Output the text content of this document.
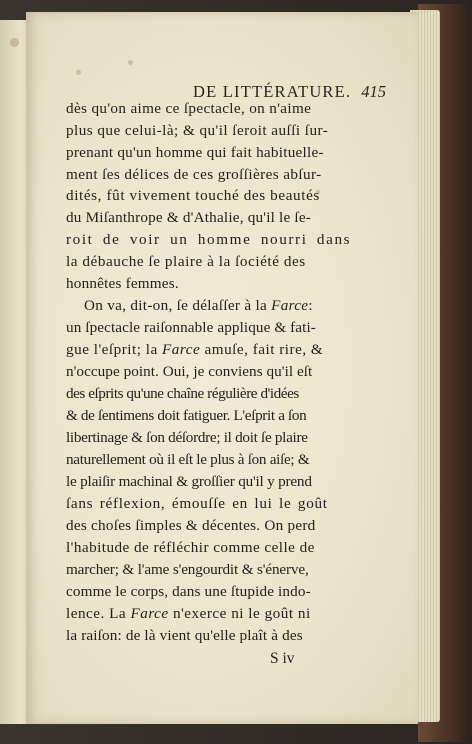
DE LITTÉRATURE. 415
dès qu'on aime ce ſpectacle, on n'aime
plus que celui-là; & qu'il ſeroit auſſi ſur-
prenant qu'un homme qui fait habituelle-
ment ſes délices de ces groſſières abſur-
dités, fût vivement touché des beautés
du Miſanthrope & d'Athalie, qu'il le ſe-
roit de voir un homme nourri dans
la débauche ſe plaire à la ſociété des
honnêtes femmes.
On va, dit-on, ſe délaſſer à la Farce:
un ſpectacle raiſonnable applique & fati-
gue l'eſprit; la Farce amuſe, fait rire, &
n'occupe point. Oui, je conviens qu'il eſt
des eſprits qu'une chaîne régulière d'idées
& de ſentimens doit fatiguer. L'eſprit a ſon
libertinage & ſon déſordre; il doit ſe plaire
naturellement où il eſt le plus à ſon aiſe; &
le plaiſir machinal & groſſier qu'il y prend
ſans réflexion, émouſſe en lui le goût
des choſes ſimples & décentes. On perd
l'habitude de réfléchir comme celle de
marcher; & l'ame s'engourdit & s'énerve,
comme le corps, dans une ſtupide indo-
lence. La Farce n'exerce ni le goût ni
la raiſon: de là vient qu'elle plaît à des
S iv
